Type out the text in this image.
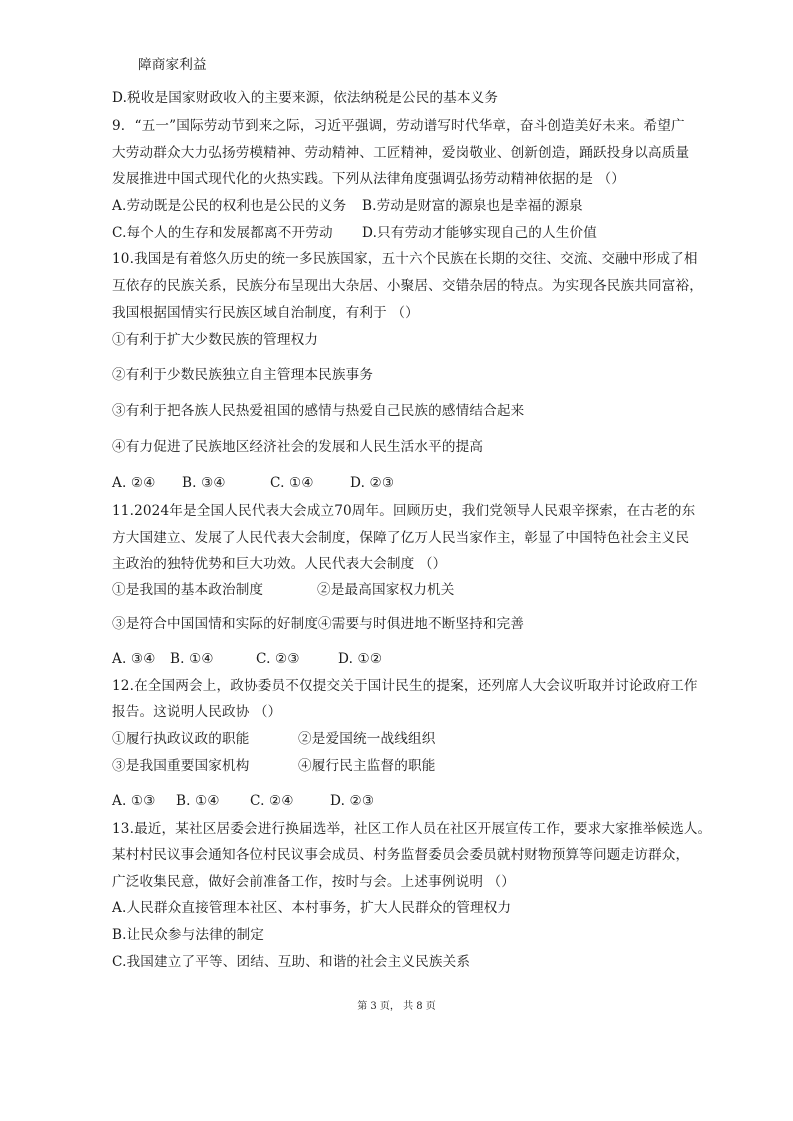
障商家利益
D.税收是国家财政收入的主要来源，依法纳税是公民的基本义务
9．“五一”国际劳动节到来之际，习近平强调，劳动谱写时代华章，奋斗创造美好未来。希望广
大劳动群众大力弘扬劳模精神、劳动精神、工匠精神，爱岗敬业、创新创造，踊跃投身以高质量
发展推进中国式现代化的火热实践。下列从法律角度强调弘扬劳动精神依据的是 （）
A.劳动既是公民的权利也是公民的义务 B.劳动是财富的源泉也是幸福的源泉
C.每个人的生存和发展都离不开劳动 D.只有劳动才能够实现自己的人生价值
10.我国是有着悠久历史的统一多民族国家，五十六个民族在长期的交往、交流、交融中形成了相
互依存的民族关系，民族分布呈现出大杂居、小聚居、交错杂居的特点。为实现各民族共同富裕，
我国根据国情实行民族区域自治制度，有利于 （）
①有利于扩大少数民族的管理权力
②有利于少数民族独立自主管理本民族事务
③有利于把各族人民热爱祖国的感情与热爱自己民族的感情结合起来
④有力促进了民族地区经济社会的发展和人民生活水平的提高
A. ②④ B. ③④	C. ①④	D. ②③
11.2024年是全国人民代表大会成立70周年。回顾历史，我们党领导人民艰辛探索，在古老的东
方大国建立、发展了人民代表大会制度，保障了亿万人民当家作主，彰显了中国特色社会主义民
主政治的独特优势和巨大功效。人民代表大会制度 （）
①是我国的基本政治制度	②是最高国家权力机关
③是符合中国国情和实际的好制度 ④需要与时俱进地不断坚持和完善
A. ③④ B. ①④	C. ②③	D. ①②
12.在全国两会上，政协委员不仅提交关于国计民生的提案，还列席人大会议听取并讨论政府工作
报告。这说明人民政协 （）
①履行执政议政的职能	②是爱国统一战线组织
③是我国重要国家机构	④履行民主监督的职能
A. ①③ B. ①④ C. ②④	D. ②③
13.最近，某社区居委会进行换届选举，社区工作人员在社区开展宣传工作，要求大家推举候选人。
某村村民议事会通知各位村民议事会成员、村务监督委员会委员就村财物预算等问题走访群众，
广泛收集民意，做好会前准备工作，按时与会。上述事例说明 （）
A.人民群众直接管理本社区、本村事务，扩大人民群众的管理权力
B.让民众参与法律的制定
C.我国建立了平等、团结、互助、和谐的社会主义民族关系
第 3 页， 共 8 页
